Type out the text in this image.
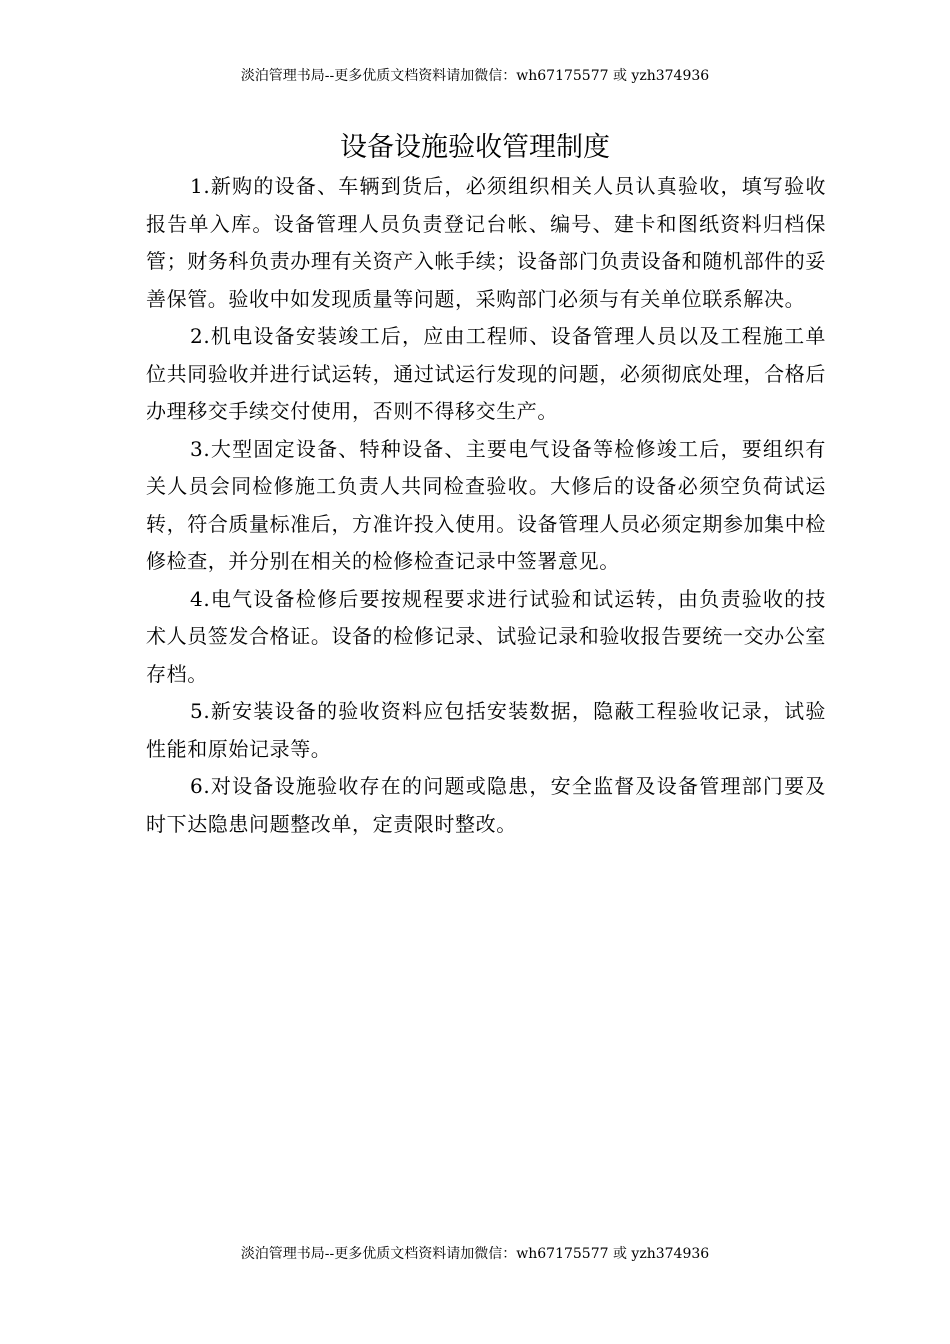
淡泊管理书局--更多优质文档资料请加微信：wh67175577 或 yzh374936
设备设施验收管理制度

1.新购的设备、车辆到货后，必须组织相关人员认真验收，填写验收报告单入库。设备管理人员负责登记台帐、编号、建卡和图纸资料归档保管；财务科负责办理有关资产入帐手续；设备部门负责设备和随机部件的妥善保管。验收中如发现质量等问题，采购部门必须与有关单位联系解决。

2.机电设备安装竣工后，应由工程师、设备管理人员以及工程施工单位共同验收并进行试运转，通过试运行发现的问题，必须彻底处理，合格后办理移交手续交付使用，否则不得移交生产。

3.大型固定设备、特种设备、主要电气设备等检修竣工后，要组织有关人员会同检修施工负责人共同检查验收。大修后的设备必须空负荷试运转，符合质量标准后，方准许投入使用。设备管理人员必须定期参加集中检修检查，并分别在相关的检修检查记录中签署意见。

4.电气设备检修后要按规程要求进行试验和试运转，由负责验收的技术人员签发合格证。设备的检修记录、试验记录和验收报告要统一交办公室存档。

5.新安装设备的验收资料应包括安装数据，隐蔽工程验收记录，试验性能和原始记录等。

6.对设备设施验收存在的问题或隐患，安全监督及设备管理部门要及时下达隐患问题整改单，定责限时整改。

淡泊管理书局--更多优质文档资料请加微信：wh67175577 或 yzh374936
